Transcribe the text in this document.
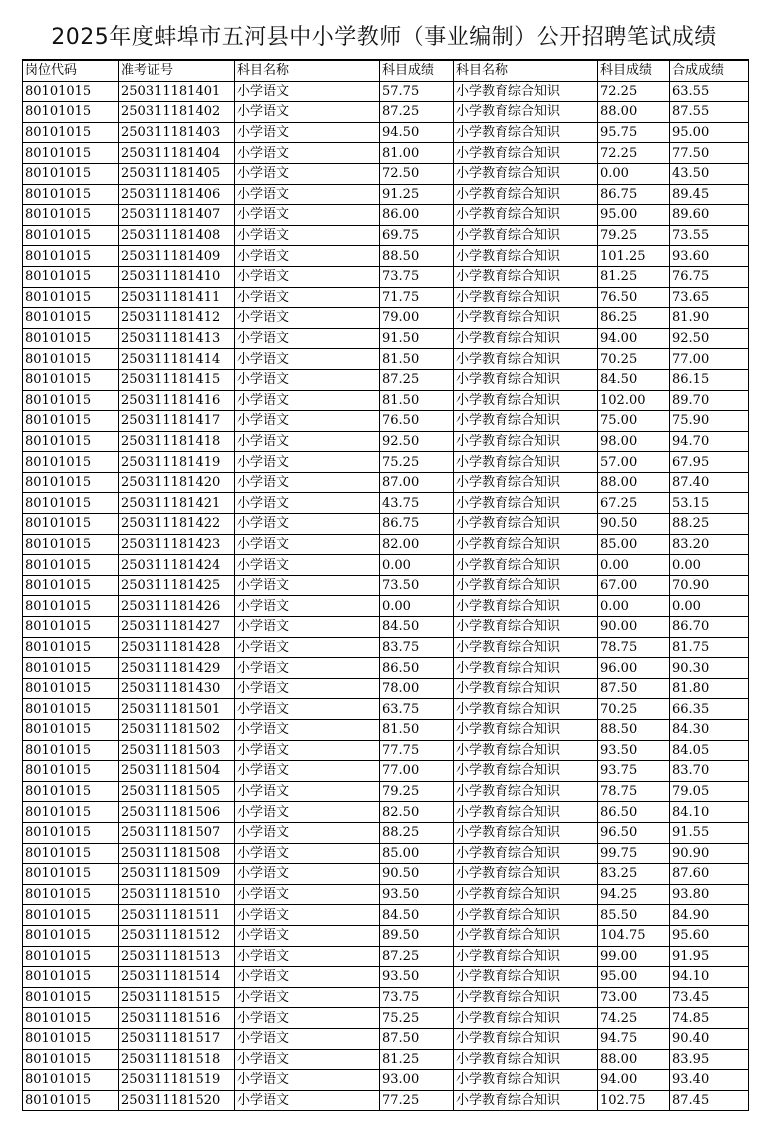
2025年度蚌埠市五河县中小学教师（事业编制）公开招聘笔试成绩
岗位代码	准考证号	科目名称	科目成绩	科目名称	科目成绩	合成成绩
80101015	250311181401	小学语文	57.75	小学教育综合知识	72.25	63.55
80101015	250311181402	小学语文	87.25	小学教育综合知识	88.00	87.55
80101015	250311181403	小学语文	94.50	小学教育综合知识	95.75	95.00
80101015	250311181404	小学语文	81.00	小学教育综合知识	72.25	77.50
80101015	250311181405	小学语文	72.50	小学教育综合知识	0.00	43.50
80101015	250311181406	小学语文	91.25	小学教育综合知识	86.75	89.45
80101015	250311181407	小学语文	86.00	小学教育综合知识	95.00	89.60
80101015	250311181408	小学语文	69.75	小学教育综合知识	79.25	73.55
80101015	250311181409	小学语文	88.50	小学教育综合知识	101.25	93.60
80101015	250311181410	小学语文	73.75	小学教育综合知识	81.25	76.75
80101015	250311181411	小学语文	71.75	小学教育综合知识	76.50	73.65
80101015	250311181412	小学语文	79.00	小学教育综合知识	86.25	81.90
80101015	250311181413	小学语文	91.50	小学教育综合知识	94.00	92.50
80101015	250311181414	小学语文	81.50	小学教育综合知识	70.25	77.00
80101015	250311181415	小学语文	87.25	小学教育综合知识	84.50	86.15
80101015	250311181416	小学语文	81.50	小学教育综合知识	102.00	89.70
80101015	250311181417	小学语文	76.50	小学教育综合知识	75.00	75.90
80101015	250311181418	小学语文	92.50	小学教育综合知识	98.00	94.70
80101015	250311181419	小学语文	75.25	小学教育综合知识	57.00	67.95
80101015	250311181420	小学语文	87.00	小学教育综合知识	88.00	87.40
80101015	250311181421	小学语文	43.75	小学教育综合知识	67.25	53.15
80101015	250311181422	小学语文	86.75	小学教育综合知识	90.50	88.25
80101015	250311181423	小学语文	82.00	小学教育综合知识	85.00	83.20
80101015	250311181424	小学语文	0.00	小学教育综合知识	0.00	0.00
80101015	250311181425	小学语文	73.50	小学教育综合知识	67.00	70.90
80101015	250311181426	小学语文	0.00	小学教育综合知识	0.00	0.00
80101015	250311181427	小学语文	84.50	小学教育综合知识	90.00	86.70
80101015	250311181428	小学语文	83.75	小学教育综合知识	78.75	81.75
80101015	250311181429	小学语文	86.50	小学教育综合知识	96.00	90.30
80101015	250311181430	小学语文	78.00	小学教育综合知识	87.50	81.80
80101015	250311181501	小学语文	63.75	小学教育综合知识	70.25	66.35
80101015	250311181502	小学语文	81.50	小学教育综合知识	88.50	84.30
80101015	250311181503	小学语文	77.75	小学教育综合知识	93.50	84.05
80101015	250311181504	小学语文	77.00	小学教育综合知识	93.75	83.70
80101015	250311181505	小学语文	79.25	小学教育综合知识	78.75	79.05
80101015	250311181506	小学语文	82.50	小学教育综合知识	86.50	84.10
80101015	250311181507	小学语文	88.25	小学教育综合知识	96.50	91.55
80101015	250311181508	小学语文	85.00	小学教育综合知识	99.75	90.90
80101015	250311181509	小学语文	90.50	小学教育综合知识	83.25	87.60
80101015	250311181510	小学语文	93.50	小学教育综合知识	94.25	93.80
80101015	250311181511	小学语文	84.50	小学教育综合知识	85.50	84.90
80101015	250311181512	小学语文	89.50	小学教育综合知识	104.75	95.60
80101015	250311181513	小学语文	87.25	小学教育综合知识	99.00	91.95
80101015	250311181514	小学语文	93.50	小学教育综合知识	95.00	94.10
80101015	250311181515	小学语文	73.75	小学教育综合知识	73.00	73.45
80101015	250311181516	小学语文	75.25	小学教育综合知识	74.25	74.85
80101015	250311181517	小学语文	87.50	小学教育综合知识	94.75	90.40
80101015	250311181518	小学语文	81.25	小学教育综合知识	88.00	83.95
80101015	250311181519	小学语文	93.00	小学教育综合知识	94.00	93.40
80101015	250311181520	小学语文	77.25	小学教育综合知识	102.75	87.45
